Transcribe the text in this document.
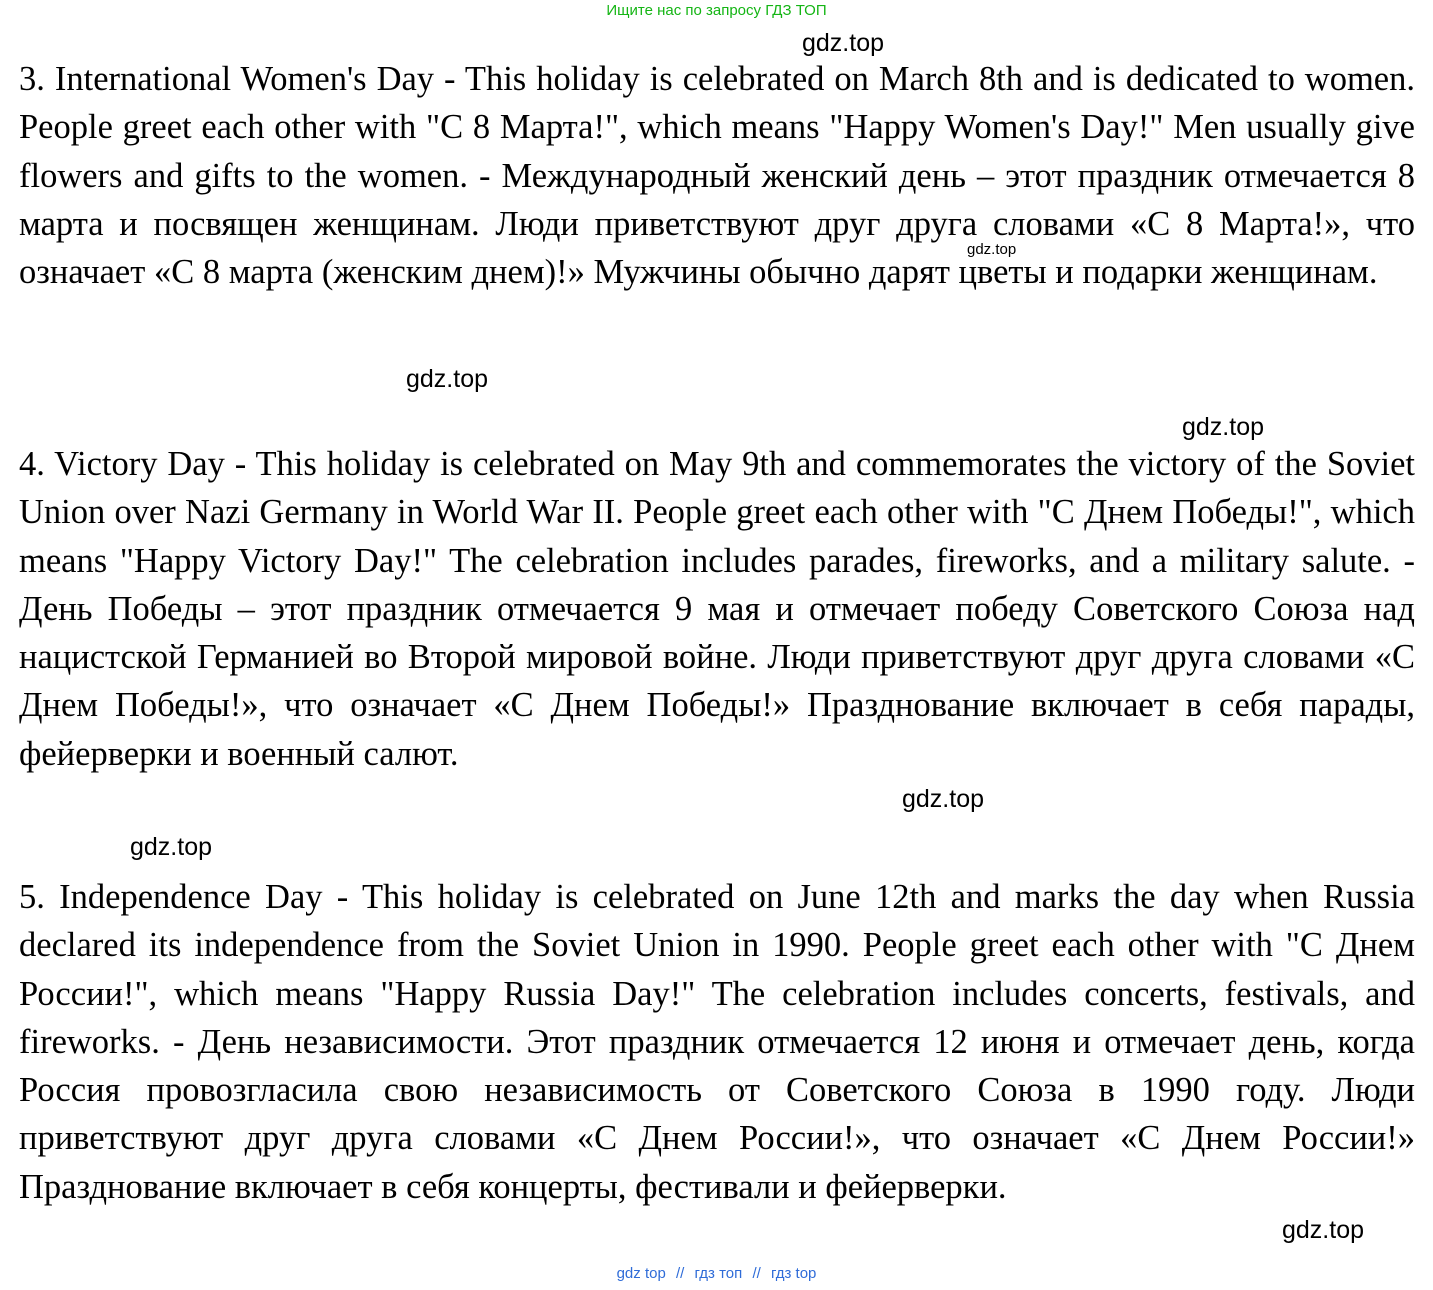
Ищите нас по запросу ГДЗ ТОП
gdz.top

3. International Women's Day - This holiday is celebrated on March 8th and is dedicated to women. People greet each other with "С 8 Марта!", which means "Happy Women's Day!" Men usually give flowers and gifts to the women. - Международный женский день – этот праздник отмечается 8 марта и посвящен женщинам. Люди приветствуют друг друга словами «С 8 Марта!», что означает «С 8 марта (женским днем)!» Мужчины обычно дарят цветы и подарки женщинам.

gdz.top
gdz.top
gdz.top

4. Victory Day - This holiday is celebrated on May 9th and commemorates the victory of the Soviet Union over Nazi Germany in World War II. People greet each other with "С Днем Победы!", which means "Happy Victory Day!" The celebration includes parades, fireworks, and a military salute. - День Победы – этот праздник отмечается 9 мая и отмечает победу Советского Союза над нацистской Германией во Второй мировой войне. Люди приветствуют друг друга словами «С Днем Победы!», что означает «С Днем Победы!» Празднование включает в себя парады, фейерверки и военный салют.

gdz.top
gdz.top

5. Independence Day - This holiday is celebrated on June 12th and marks the day when Russia declared its independence from the Soviet Union in 1990. People greet each other with "С Днем России!", which means "Happy Russia Day!" The celebration includes concerts, festivals, and fireworks. - День независимости. Этот праздник отмечается 12 июня и отмечает день, когда Россия провозгласила свою независимость от Советского Союза в 1990 году. Люди приветствуют друг друга словами «С Днем России!», что означает «С Днем России!» Празднование включает в себя концерты, фестивали и фейерверки.

gdz.top
gdz top // гдз топ // гдз top
